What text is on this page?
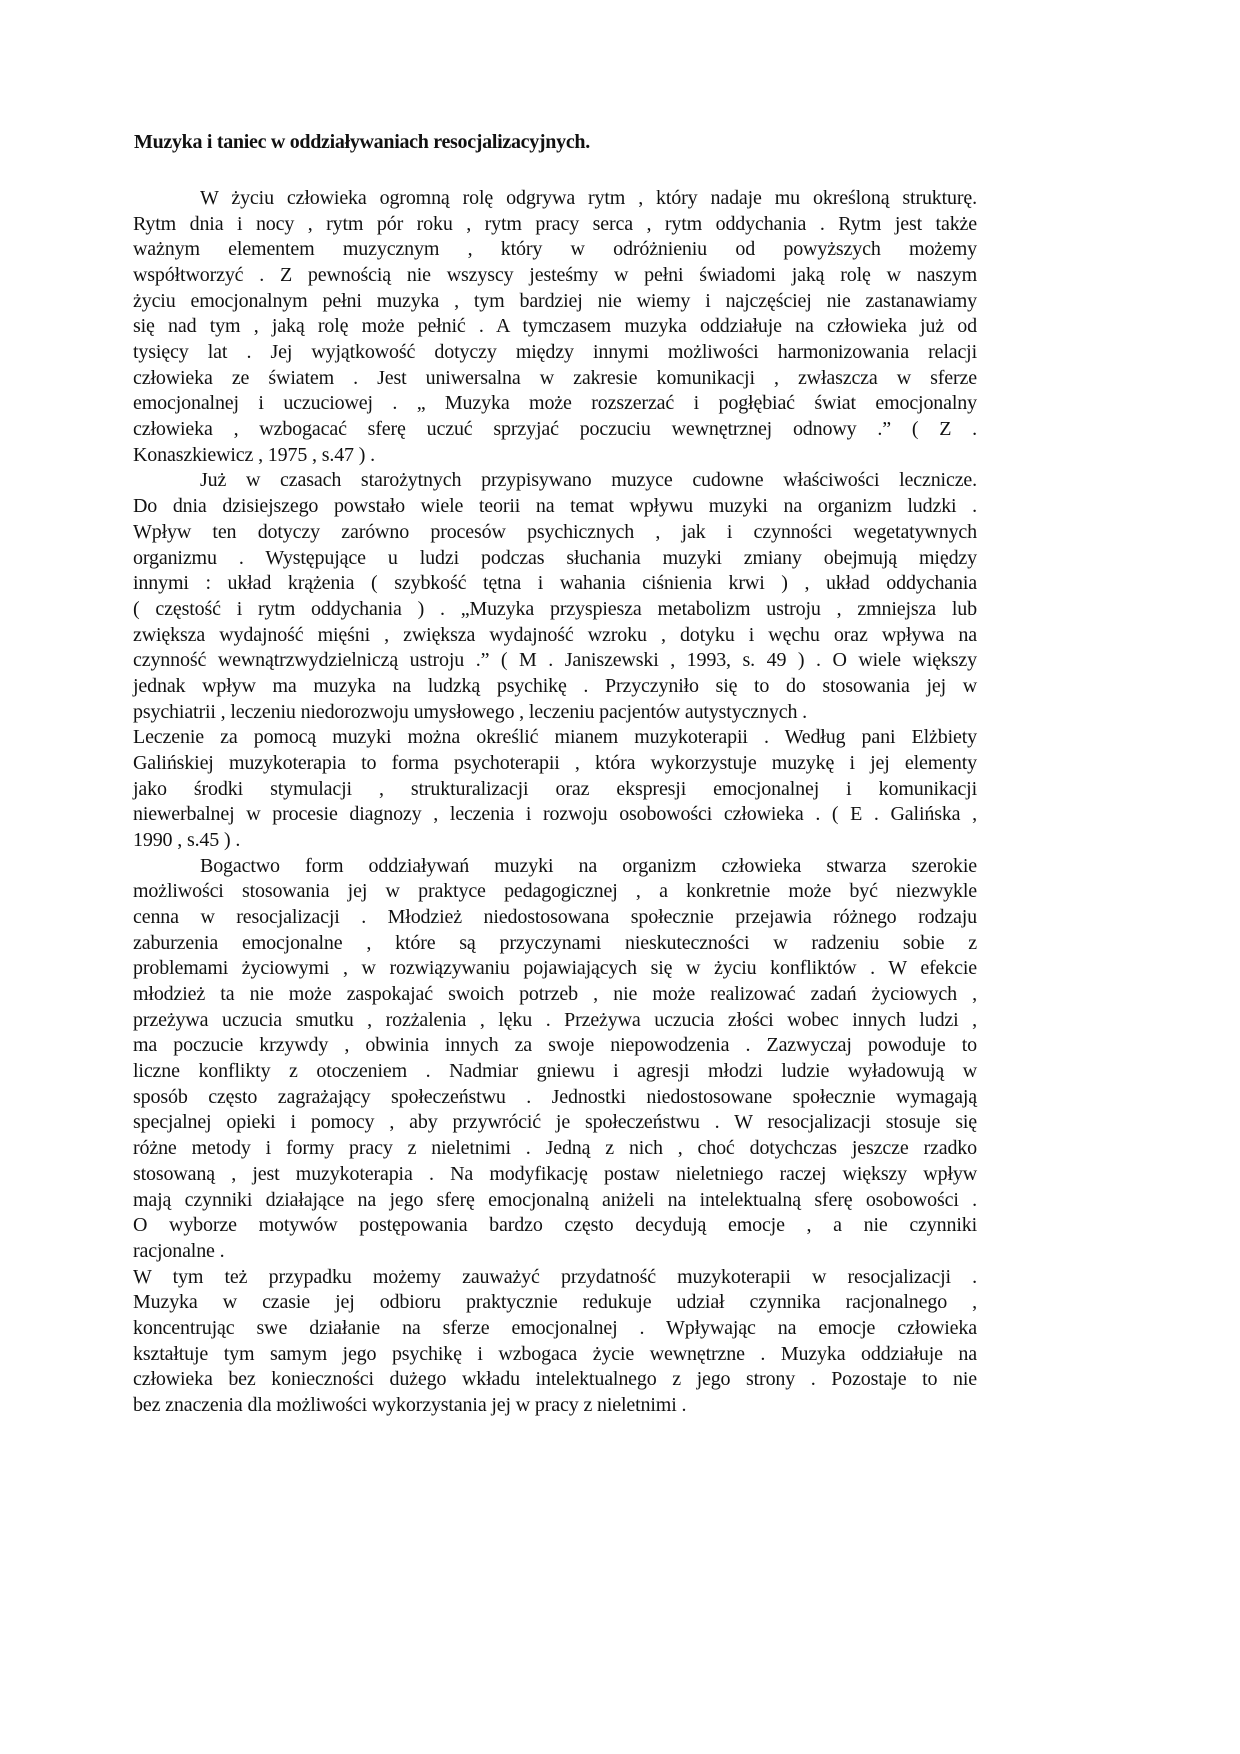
Muzyka i taniec w oddziaływaniach resocjalizacyjnych.
W życiu człowieka ogromną rolę odgrywa rytm , który nadaje mu określoną strukturę.
Rytm dnia i nocy , rytm pór roku , rytm pracy serca , rytm oddychania . Rytm jest także
ważnym elementem muzycznym , który w odróżnieniu od powyższych możemy
współtworzyć . Z pewnością nie wszyscy jesteśmy w pełni świadomi jaką rolę w naszym
życiu emocjonalnym pełni muzyka , tym bardziej nie wiemy i najczęściej nie zastanawiamy
się nad tym , jaką rolę może pełnić . A tymczasem muzyka oddziałuje na człowieka już od
tysięcy lat . Jej wyjątkowość dotyczy między innymi możliwości harmonizowania relacji
człowieka ze światem . Jest uniwersalna w zakresie komunikacji , zwłaszcza w sferze
emocjonalnej i uczuciowej . „ Muzyka może rozszerzać i pogłębiać świat emocjonalny
człowieka , wzbogacać sferę uczuć sprzyjać poczuciu wewnętrznej odnowy .” ( Z .
Konaszkiewicz , 1975 , s.47 ) .
Już w czasach starożytnych przypisywano muzyce cudowne właściwości lecznicze.
Do dnia dzisiejszego powstało wiele teorii na temat wpływu muzyki na organizm ludzki .
Wpływ ten dotyczy zarówno procesów psychicznych , jak i czynności wegetatywnych
organizmu . Występujące u ludzi podczas słuchania muzyki zmiany obejmują między
innymi : układ krążenia ( szybkość tętna i wahania ciśnienia krwi ) , układ oddychania
( częstość i rytm oddychania ) . „Muzyka przyspiesza metabolizm ustroju , zmniejsza lub
zwiększa wydajność mięśni , zwiększa wydajność wzroku , dotyku i węchu oraz wpływa na
czynność wewnątrzwydzielniczą ustroju .” ( M . Janiszewski , 1993, s. 49 ) . O wiele większy
jednak wpływ ma muzyka na ludzką psychikę . Przyczyniło się to do stosowania jej w
psychiatrii , leczeniu niedorozwoju umysłowego , leczeniu pacjentów autystycznych .
Leczenie za pomocą muzyki można określić mianem muzykoterapii . Według pani Elżbiety
Galińskiej muzykoterapia to forma psychoterapii , która wykorzystuje muzykę i jej elementy
jako środki stymulacji , strukturalizacji oraz ekspresji emocjonalnej i komunikacji
niewerbalnej w procesie diagnozy , leczenia i rozwoju osobowości człowieka . ( E . Galińska ,
1990 , s.45 ) .
Bogactwo form oddziaływań muzyki na organizm człowieka stwarza szerokie
możliwości stosowania jej w praktyce pedagogicznej , a konkretnie może być niezwykle
cenna w resocjalizacji . Młodzież niedostosowana społecznie przejawia różnego rodzaju
zaburzenia emocjonalne , które są przyczynami nieskuteczności w radzeniu sobie z
problemami życiowymi , w rozwiązywaniu pojawiających się w życiu konfliktów . W efekcie
młodzież ta nie może zaspokajać swoich potrzeb , nie może realizować zadań życiowych ,
przeżywa uczucia smutku , rozżalenia , lęku . Przeżywa uczucia złości wobec innych ludzi ,
ma poczucie krzywdy , obwinia innych za swoje niepowodzenia . Zazwyczaj powoduje to
liczne konflikty z otoczeniem . Nadmiar gniewu i agresji młodzi ludzie wyładowują w
sposób często zagrażający społeczeństwu . Jednostki niedostosowane społecznie wymagają
specjalnej opieki i pomocy , aby przywrócić je społeczeństwu . W resocjalizacji stosuje się
różne metody i formy pracy z nieletnimi . Jedną z nich , choć dotychczas jeszcze rzadko
stosowaną , jest muzykoterapia . Na modyfikację postaw nieletniego raczej większy wpływ
mają czynniki działające na jego sferę emocjonalną aniżeli na intelektualną sferę osobowości .
O wyborze motywów postępowania bardzo często decydują emocje , a nie czynniki
racjonalne .
W tym też przypadku możemy zauważyć przydatność muzykoterapii w resocjalizacji .
Muzyka w czasie jej odbioru praktycznie redukuje udział czynnika racjonalnego ,
koncentrując swe działanie na sferze emocjonalnej . Wpływając na emocje człowieka
kształtuje tym samym jego psychikę i wzbogaca życie wewnętrzne . Muzyka oddziałuje na
człowieka bez konieczności dużego wkładu intelektualnego z jego strony . Pozostaje to nie
bez znaczenia dla możliwości wykorzystania jej w pracy z nieletnimi .
